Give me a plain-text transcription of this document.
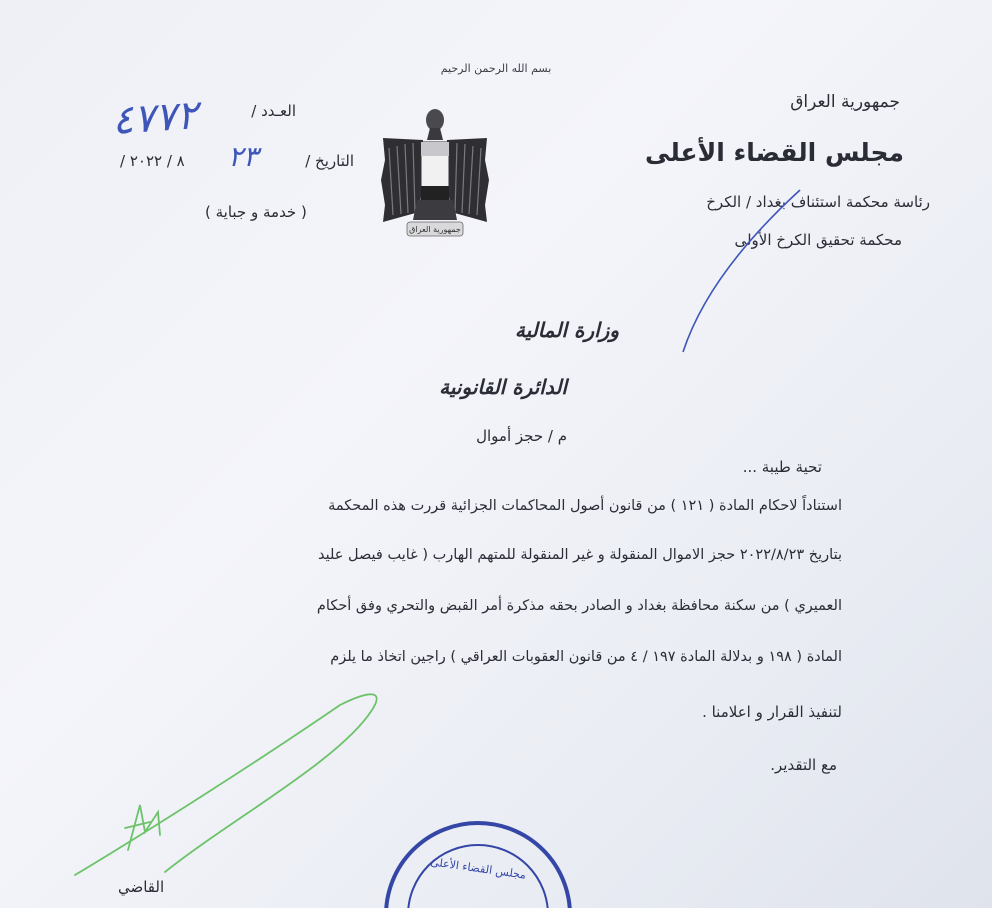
بسم الله الرحمن الرحيم
جمهورية العراق
مجلس القضاء الأعلى
رئاسة محكمة استئناف بغداد / الكرخ
محكمة تحقيق الكرخ الأولى
جمهورية العراق
العـدد /
٤٧٧٢
التاريخ /
٢٣
/ ٨ / ٢٠٢٢
( خدمة و جباية )
وزارة المالية
الدائرة القانونية
م / حجز أموال
تحية طيبة ...
استناداً لاحكام المادة ( ١٢١ ) من قانون أصول المحاكمات الجزائية قررت هذه المحكمة
بتاريخ ٢٠٢٢/٨/٢٣ حجز الاموال المنقولة و غير المنقولة للمتهم الهارب ( غايب فيصل عليد
العميري ) من سكنة محافظة بغداد و الصادر بحقه مذكرة أمر القبض والتحري وفق أحكام
المادة ( ١٩٨ و بدلالة المادة ١٩٧ / ٤ من قانون العقوبات العراقي ) راجين اتخاذ ما يلزم
لتنفيذ القرار و اعلامنا .
مع التقدير.
القاضي
مجلس القضاء الأعلى
